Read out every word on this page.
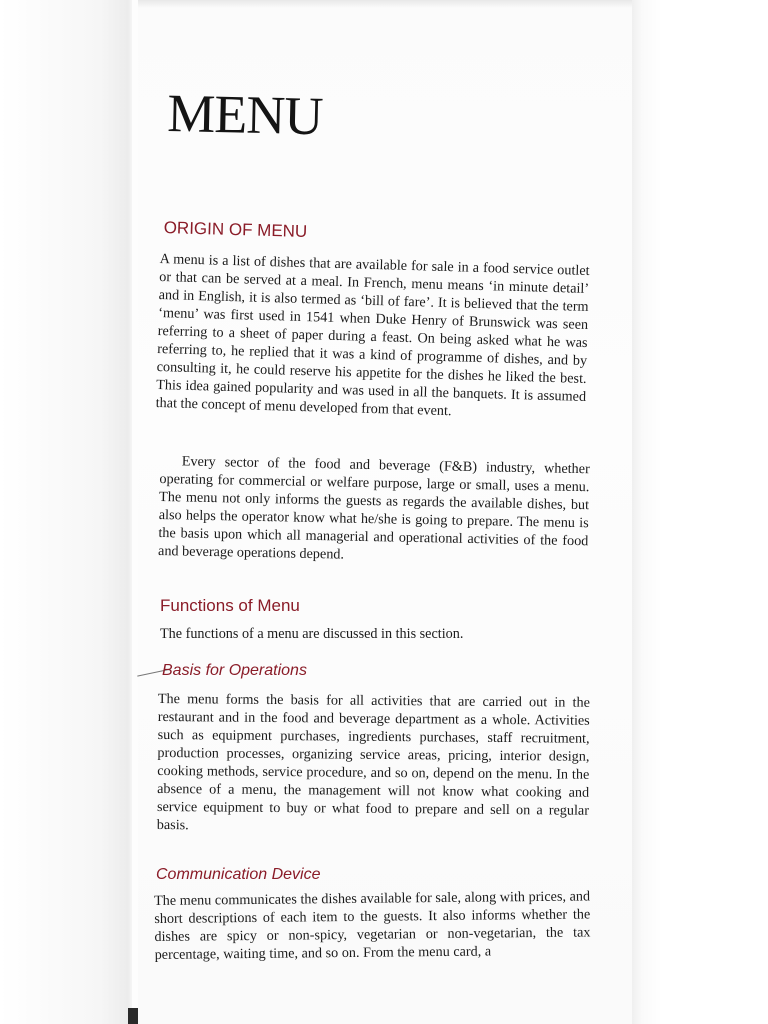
MENU
ORIGIN OF MENU

A menu is a list of dishes that are available for sale in a food service outlet or that can be served at a meal. In French, menu means ‘in minute detail’ and in English, it is also termed as ‘bill of fare’. It is believed that the term ‘menu’ was first used in 1541 when Duke Henry of Brunswick was seen referring to a sheet of paper during a feast. On being asked what he was referring to, he replied that it was a kind of programme of dishes, and by consulting it, he could reserve his appetite for the dishes he liked the best. This idea gained popularity and was used in all the banquets. It is assumed that the concept of menu developed from that event.

Every sector of the food and beverage (F&B) industry, whether operating for commercial or welfare purpose, large or small, uses a menu. The menu not only informs the guests as regards the available dishes, but also helps the operator know what he/she is going to prepare. The menu is the basis upon which all managerial and operational activities of the food and beverage operations depend.

Functions of Menu

The functions of a menu are discussed in this section.

Basis for Operations

The menu forms the basis for all activities that are carried out in the restaurant and in the food and beverage department as a whole. Activities such as equipment purchases, ingredients purchases, staff recruitment, production processes, organizing service areas, pricing, interior design, cooking methods, service procedure, and so on, depend on the menu. In the absence of a menu, the management will not know what cooking and service equipment to buy or what food to prepare and sell on a regular basis.

Communication Device

The menu communicates the dishes available for sale, along with prices, and short descriptions of each item to the guests. It also informs whether the dishes are spicy or non-spicy, vegetarian or non-vegetarian, the tax percentage, waiting time, and so on. From the menu card, a
